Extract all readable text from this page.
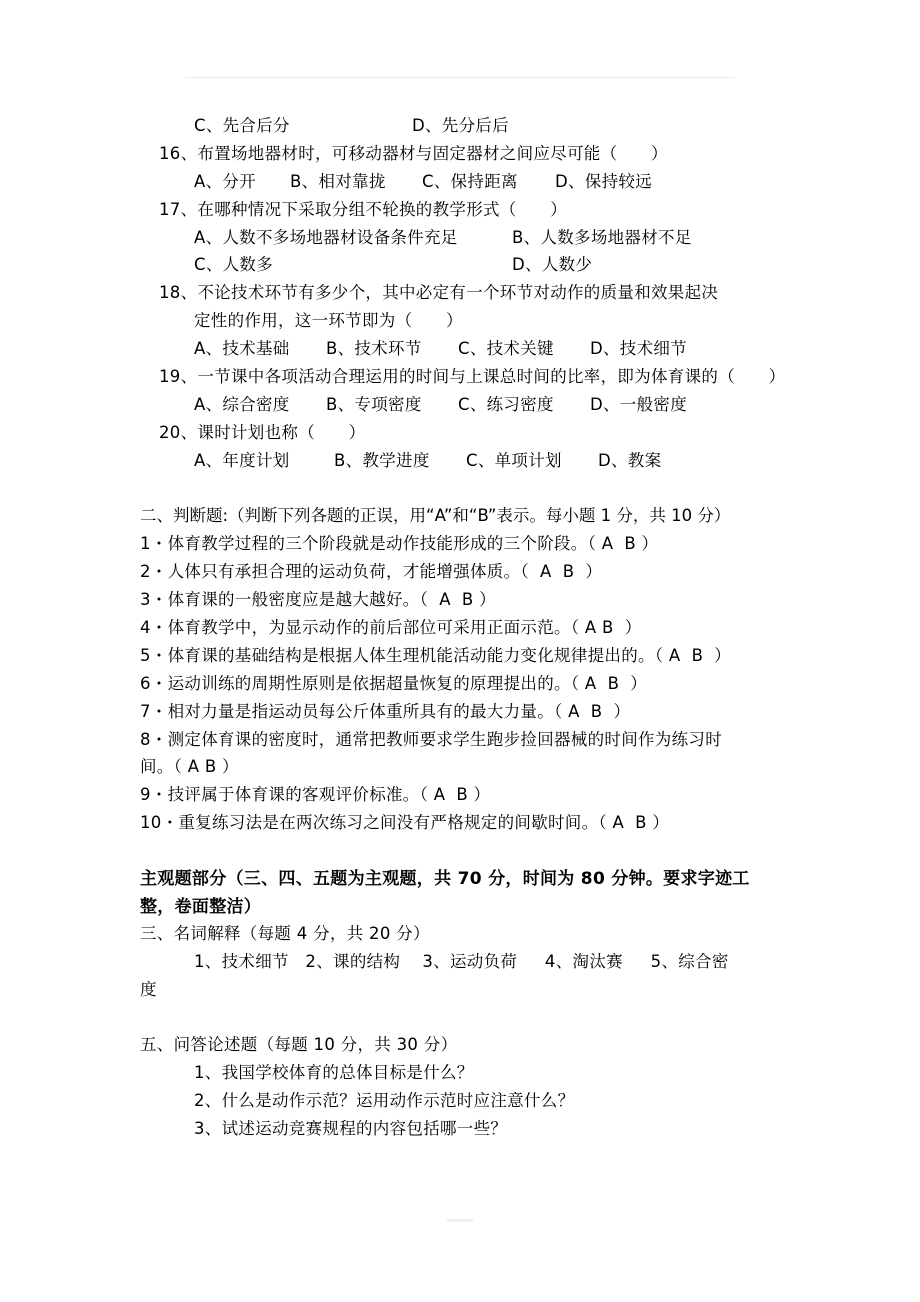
C、先合后分	D、先分后后
16、布置场地器材时，可移动器材与固定器材之间应尽可能（　　）
A、分开 B、相对靠拢 C、保持距离 D、保持较远
17、在哪种情况下采取分组不轮换的教学形式（　　）
A、人数不多场地器材设备条件充足	B、人数多场地器材不足
C、人数多	D、人数少
18、不论技术环节有多少个，其中必定有一个环节对动作的质量和效果起决
定性的作用，这一环节即为（　　）
A、技术基础 B、技术环节 C、技术关键 D、技术细节
19、一节课中各项活动合理运用的时间与上课总时间的比率，即为体育课的（　　）
A、综合密度 B、专项密度 C、练习密度 D、一般密度
20、课时计划也称（　　）
A、年度计划	B、教学进度 C、单项计划 D、教案
二、判断题:（判断下列各题的正误，用“A”和“B”表示。每小题 1 分，共 10 分）
1・体育教学过程的三个阶段就是动作技能形成的三个阶段。（ A  B ）
2・人体只有承担合理的运动负荷，才能增强体质。（  A  B  ）
3・体育课的一般密度应是越大越好。（  A  B ）
4・体育教学中，为显示动作的前后部位可采用正面示范。（ A B  ）
5・体育课的基础结构是根据人体生理机能活动能力变化规律提出的。（ A  B  ）
6・运动训练的周期性原则是依据超量恢复的原理提出的。（ A  B  ）
7・相对力量是指运动员每公斤体重所具有的最大力量。（ A  B  ）
8・测定体育课的密度时，通常把教师要求学生跑步捡回器械的时间作为练习时
间。（ A B ）
9・技评属于体育课的客观评价标准。（ A  B ）
10・重复练习法是在两次练习之间没有严格规定的间歇时间。（ A  B ）
主观题部分（三、四、五题为主观题，共 70 分，时间为 80 分钟。要求字迹工
整，卷面整洁）
三、名词解释（每题 4 分，共 20 分）
1、技术细节   2、课的结构    3、运动负荷     4、淘汰赛     5、综合密
度
五、问答论述题（每题 10 分，共 30 分）
1、我国学校体育的总体目标是什么？
2、什么是动作示范？运用动作示范时应注意什么？
3、试述运动竞赛规程的内容包括哪一些？
